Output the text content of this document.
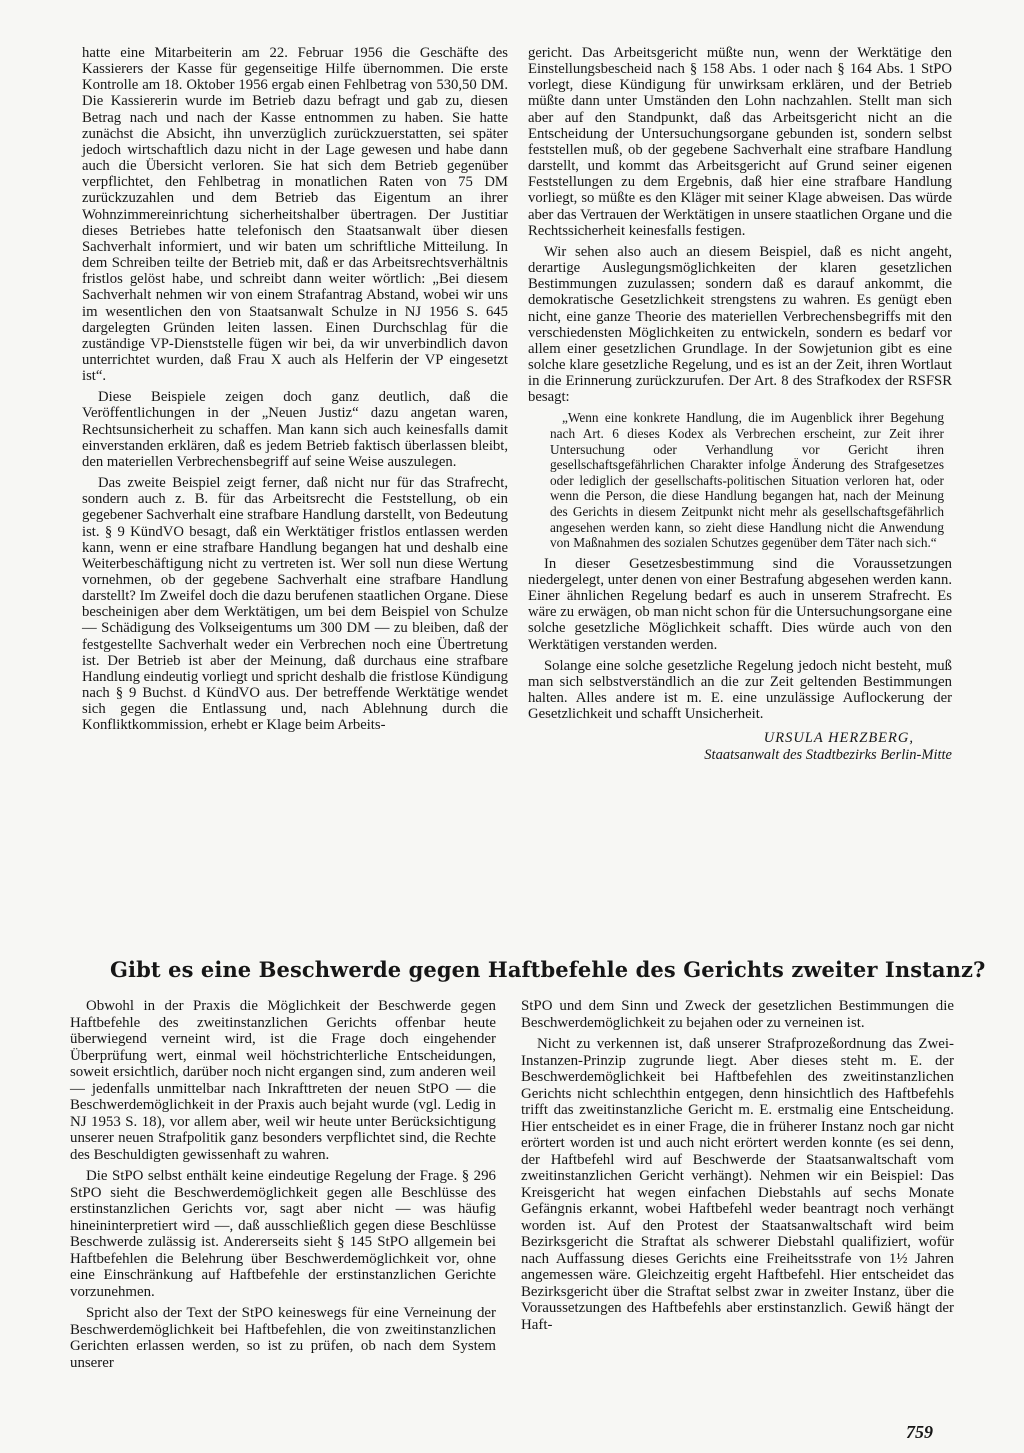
hatte eine Mitarbeiterin am 22. Februar 1956 die Geschäfte des Kassierers der Kasse für gegenseitige Hilfe übernommen. Die erste Kontrolle am 18. Oktober 1956 ergab einen Fehlbetrag von 530,50 DM. Die Kassiererin wurde im Betrieb dazu befragt und gab zu, diesen Betrag nach und nach der Kasse entnommen zu haben. Sie hatte zunächst die Absicht, ihn unverzüglich zurückzuerstatten, sei später jedoch wirtschaftlich dazu nicht in der Lage gewesen und habe dann auch die Übersicht verloren. Sie hat sich dem Betrieb gegenüber verpflichtet, den Fehlbetrag in monatlichen Raten von 75 DM zurückzuzahlen und dem Betrieb das Eigentum an ihrer Wohnzimmereinrichtung sicherheitshalber übertragen. Der Justitiar dieses Betriebes hatte telefonisch den Staatsanwalt über diesen Sachverhalt informiert, und wir baten um schriftliche Mitteilung. In dem Schreiben teilte der Betrieb mit, daß er das Arbeitsrechtsverhältnis fristlos gelöst habe, und schreibt dann weiter wörtlich: „Bei diesem Sachverhalt nehmen wir von einem Strafantrag Abstand, wobei wir uns im wesentlichen den von Staatsanwalt Schulze in NJ 1956 S. 645 dargelegten Gründen leiten lassen. Einen Durchschlag für die zuständige VP-Dienststelle fügen wir bei, da wir unverbindlich davon unterrichtet wurden, daß Frau X auch als Helferin der VP eingesetzt ist“.

Diese Beispiele zeigen doch ganz deutlich, daß die Veröffentlichungen in der „Neuen Justiz“ dazu angetan waren, Rechtsunsicherheit zu schaffen. Man kann sich auch keinesfalls damit einverstanden erklären, daß es jedem Betrieb faktisch überlassen bleibt, den materiellen Verbrechensbegriff auf seine Weise auszulegen.

Das zweite Beispiel zeigt ferner, daß nicht nur für das Strafrecht, sondern auch z. B. für das Arbeitsrecht die Feststellung, ob ein gegebener Sachverhalt eine strafbare Handlung darstellt, von Bedeutung ist. § 9 KündVO besagt, daß ein Werktätiger fristlos entlassen werden kann, wenn er eine strafbare Handlung begangen hat und deshalb eine Weiterbeschäftigung nicht zu vertreten ist. Wer soll nun diese Wertung vornehmen, ob der gegebene Sachverhalt eine strafbare Handlung darstellt? Im Zweifel doch die dazu berufenen staatlichen Organe. Diese bescheinigen aber dem Werktätigen, um bei dem Beispiel von Schulze — Schädigung des Volkseigentums um 300 DM — zu bleiben, daß der festgestellte Sachverhalt weder ein Verbrechen noch eine Übertretung ist. Der Betrieb ist aber der Meinung, daß durchaus eine strafbare Handlung eindeutig vorliegt und spricht deshalb die fristlose Kündigung nach § 9 Buchst. d KündVO aus. Der betreffende Werktätige wendet sich gegen die Entlassung und, nach Ablehnung durch die Konfliktkommission, erhebt er Klage beim Arbeits-

gericht. Das Arbeitsgericht müßte nun, wenn der Werktätige den Einstellungsbescheid nach § 158 Abs. 1 oder nach § 164 Abs. 1 StPO vorlegt, diese Kündigung für unwirksam erklären, und der Betrieb müßte dann unter Umständen den Lohn nachzahlen. Stellt man sich aber auf den Standpunkt, daß das Arbeitsgericht nicht an die Entscheidung der Untersuchungsorgane gebunden ist, sondern selbst feststellen muß, ob der gegebene Sachverhalt eine strafbare Handlung darstellt, und kommt das Arbeitsgericht auf Grund seiner eigenen Feststellungen zu dem Ergebnis, daß hier eine strafbare Handlung vorliegt, so müßte es den Kläger mit seiner Klage abweisen. Das würde aber das Vertrauen der Werktätigen in unsere staatlichen Organe und die Rechtssicherheit keinesfalls festigen.

Wir sehen also auch an diesem Beispiel, daß es nicht angeht, derartige Auslegungsmöglichkeiten der klaren gesetzlichen Bestimmungen zuzulassen; sondern daß es darauf ankommt, die demokratische Gesetzlichkeit strengstens zu wahren. Es genügt eben nicht, eine ganze Theorie des materiellen Verbrechensbegriffs mit den verschiedensten Möglichkeiten zu entwickeln, sondern es bedarf vor allem einer gesetzlichen Grundlage. In der Sowjetunion gibt es eine solche klare gesetzliche Regelung, und es ist an der Zeit, ihren Wortlaut in die Erinnerung zurückzurufen. Der Art. 8 des Strafkodex der RSFSR besagt:

„Wenn eine konkrete Handlung, die im Augenblick ihrer Begehung nach Art. 6 dieses Kodex als Verbrechen erscheint, zur Zeit ihrer Untersuchung oder Verhandlung vor Gericht ihren gesellschaftsgefährlichen Charakter infolge Änderung des Strafgesetzes oder lediglich der gesellschafts-politischen Situation verloren hat, oder wenn die Person, die diese Handlung begangen hat, nach der Meinung des Gerichts in diesem Zeitpunkt nicht mehr als gesellschaftsgefährlich angesehen werden kann, so zieht diese Handlung nicht die Anwendung von Maßnahmen des sozialen Schutzes gegenüber dem Täter nach sich.“

In dieser Gesetzesbestimmung sind die Voraussetzungen niedergelegt, unter denen von einer Bestrafung abgesehen werden kann. Einer ähnlichen Regelung bedarf es auch in unserem Strafrecht. Es wäre zu erwägen, ob man nicht schon für die Untersuchungsorgane eine solche gesetzliche Möglichkeit schafft. Dies würde auch von den Werktätigen verstanden werden.

Solange eine solche gesetzliche Regelung jedoch nicht besteht, muß man sich selbstverständlich an die zur Zeit geltenden Bestimmungen halten. Alles andere ist m. E. eine unzulässige Auflockerung der Gesetzlichkeit und schafft Unsicherheit.

URSULA HERZBERG,
Staatsanwalt des Stadtbezirks Berlin-Mitte
Gibt es eine Beschwerde gegen Haftbefehle des Gerichts zweiter Instanz?

Obwohl in der Praxis die Möglichkeit der Beschwerde gegen Haftbefehle des zweitinstanzlichen Gerichts offenbar heute überwiegend verneint wird, ist die Frage doch eingehender Überprüfung wert, einmal weil höchstrichterliche Entscheidungen, soweit ersichtlich, darüber noch nicht ergangen sind, zum anderen weil — jedenfalls unmittelbar nach Inkrafttreten der neuen StPO — die Beschwerdemöglichkeit in der Praxis auch bejaht wurde (vgl. Ledig in NJ 1953 S. 18), vor allem aber, weil wir heute unter Berücksichtigung unserer neuen Strafpolitik ganz besonders verpflichtet sind, die Rechte des Beschuldigten gewissenhaft zu wahren.

Die StPO selbst enthält keine eindeutige Regelung der Frage. § 296 StPO sieht die Beschwerdemöglichkeit gegen alle Beschlüsse des erstinstanzlichen Gerichts vor, sagt aber nicht — was häufig hineininterpretiert wird —, daß ausschließlich gegen diese Beschlüsse Beschwerde zulässig ist. Andererseits sieht § 145 StPO allgemein bei Haftbefehlen die Belehrung über Beschwerdemöglichkeit vor, ohne eine Einschränkung auf Haftbefehle der erstinstanzlichen Gerichte vorzunehmen.

Spricht also der Text der StPO keineswegs für eine Verneinung der Beschwerdemöglichkeit bei Haftbefehlen, die von zweitinstanzlichen Gerichten erlassen werden, so ist zu prüfen, ob nach dem System unserer

StPO und dem Sinn und Zweck der gesetzlichen Bestimmungen die Beschwerdemöglichkeit zu bejahen oder zu verneinen ist.

Nicht zu verkennen ist, daß unserer Strafprozeßordnung das Zwei-Instanzen-Prinzip zugrunde liegt. Aber dieses steht m. E. der Beschwerdemöglichkeit bei Haftbefehlen des zweitinstanzlichen Gerichts nicht schlechthin entgegen, denn hinsichtlich des Haftbefehls trifft das zweitinstanzliche Gericht m. E. erstmalig eine Entscheidung. Hier entscheidet es in einer Frage, die in früherer Instanz noch gar nicht erörtert worden ist und auch nicht erörtert werden konnte (es sei denn, der Haftbefehl wird auf Beschwerde der Staatsanwaltschaft vom zweitinstanzlichen Gericht verhängt). Nehmen wir ein Beispiel: Das Kreisgericht hat wegen einfachen Diebstahls auf sechs Monate Gefängnis erkannt, wobei Haftbefehl weder beantragt noch verhängt worden ist. Auf den Protest der Staatsanwaltschaft wird beim Bezirksgericht die Straftat als schwerer Diebstahl qualifiziert, wofür nach Auffassung dieses Gerichts eine Freiheitsstrafe von 1½ Jahren angemessen wäre. Gleichzeitig ergeht Haftbefehl. Hier entscheidet das Bezirksgericht über die Straftat selbst zwar in zweiter Instanz, über die Voraussetzungen des Haftbefehls aber erstinstanzlich. Gewiß hängt der Haft-

759
